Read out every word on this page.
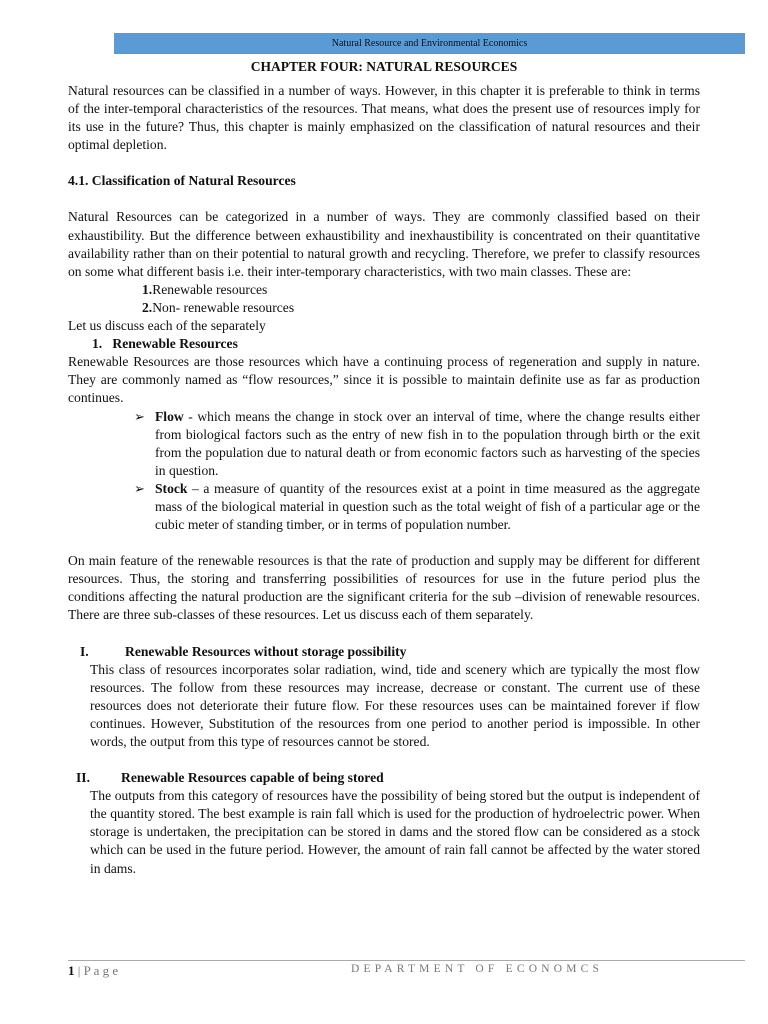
Natural Resource and Environmental Economics
CHAPTER FOUR: NATURAL RESOURCES

Natural resources can be classified in a number of ways. However, in this chapter it is preferable to think in terms of the inter-temporal characteristics of the resources. That means, what does the present use of resources imply for its use in the future? Thus, this chapter is mainly emphasized on the classification of natural resources and their optimal depletion.

4.1. Classification of Natural Resources

Natural Resources can be categorized in a number of ways. They are commonly classified based on their exhaustibility. But the difference between exhaustibility and inexhaustibility is concentrated on their quantitative availability rather than on their potential to natural growth and recycling. Therefore, we prefer to classify resources on some what different basis i.e. their inter-temporary characteristics, with two main classes. These are:

1.Renewable resources
2.Non- renewable resources

Let us discuss each of the separately

1.   Renewable Resources

Renewable Resources are those resources which have a continuing process of regeneration and supply in nature. They are commonly named as “flow resources,” since it is possible to maintain definite use as far as production continues.

➢ Flow - which means the change in stock over an interval of time, where the change results either from biological factors such as the entry of new fish in to the population through birth or the exit from the population due to natural death or from economic factors such as harvesting of the species in question.

➢ Stock – a measure of quantity of the resources exist at a point in time measured as the aggregate mass of the biological material in question such as the total weight of fish of a particular age or the cubic meter of standing timber, or in terms of population number.

On main feature of the renewable resources is that the rate of production and supply may be different for different resources. Thus, the storing and transferring possibilities of resources for use in the future period plus the conditions affecting the natural production are the significant criteria for the sub –division of renewable resources. There are three sub-classes of these resources. Let us discuss each of them separately.

I.	Renewable Resources without storage possibility

This class of resources incorporates solar radiation, wind, tide and scenery which are typically the most flow resources. The follow from these resources may increase, decrease or constant. The current use of these resources does not deteriorate their future flow. For these resources uses can be maintained forever if flow continues. However, Substitution of the resources from one period to another period is impossible. In other words, the output from this type of resources cannot be stored.

II.	Renewable Resources capable of being stored

The outputs from this category of resources have the possibility of being stored but the output is independent of the quantity stored. The best example is rain fall which is used for the production of hydroelectric power. When storage is undertaken, the precipitation can be stored in dams and the stored flow can be considered as a stock which can be used in the future period. However, the amount of rain fall cannot be affected by the water stored in dams.

1 | P a g e	DEPARTMENT OF ECONOMCS
